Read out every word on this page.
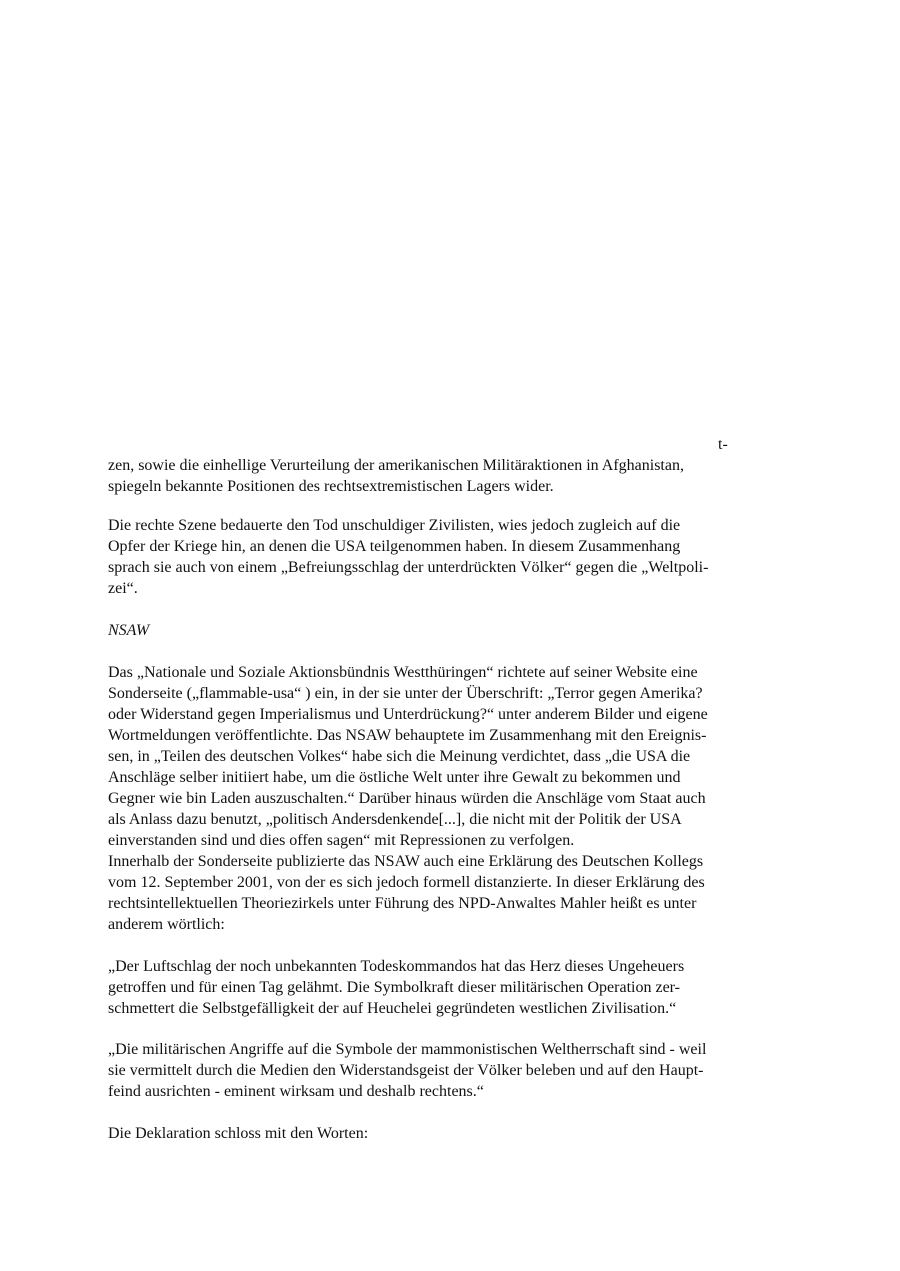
t-
zen, sowie die einhellige Verurteilung der amerikanischen Militäraktionen in Afghanistan,
spiegeln bekannte Positionen des rechtsextremistischen Lagers wider.
Die rechte Szene bedauerte den Tod unschuldiger Zivilisten, wies jedoch zugleich auf die
Opfer der Kriege hin, an denen die USA teilgenommen haben. In diesem Zusammenhang
sprach sie auch von einem „Befreiungsschlag der unterdrückten Völker“ gegen die „Weltpoli-
zei“.
NSAW
Das „Nationale und Soziale Aktionsbündnis Westthüringen“ richtete auf seiner Website eine
Sonderseite („flammable-usa“ ) ein, in der sie unter der Überschrift: „Terror gegen Amerika?
oder Widerstand gegen Imperialismus und Unterdrückung?“ unter anderem Bilder und eigene
Wortmeldungen veröffentlichte. Das NSAW behauptete im Zusammenhang mit den Ereignis-
sen, in „Teilen des deutschen Volkes“ habe sich die Meinung verdichtet, dass „die USA die
Anschläge selber initiiert habe, um die östliche Welt unter ihre Gewalt zu bekommen und
Gegner wie bin Laden auszuschalten.“ Darüber hinaus würden die Anschläge vom Staat auch
als Anlass dazu benutzt, „politisch Andersdenkende[...], die nicht mit der Politik der USA
einverstanden sind und dies offen sagen“ mit Repressionen zu verfolgen.
Innerhalb der Sonderseite publizierte das NSAW auch eine Erklärung des Deutschen Kollegs
vom 12. September 2001, von der es sich jedoch formell distanzierte. In dieser Erklärung des
rechtsintellektuellen Theoriezirkels unter Führung des NPD-Anwaltes Mahler heißt es unter
anderem wörtlich:
„Der Luftschlag der noch unbekannten Todeskommandos hat das Herz dieses Ungeheuers
getroffen und für einen Tag gelähmt. Die Symbolkraft dieser militärischen Operation zer-
schmettert die Selbstgefälligkeit der auf Heuchelei gegründeten westlichen Zivilisation.“
„Die militärischen Angriffe auf die Symbole der mammonistischen Weltherrschaft sind - weil
sie vermittelt durch die Medien den Widerstandsgeist der Völker beleben und auf den Haupt-
feind ausrichten - eminent wirksam und deshalb rechtens.“
Die Deklaration schloss mit den Worten:
